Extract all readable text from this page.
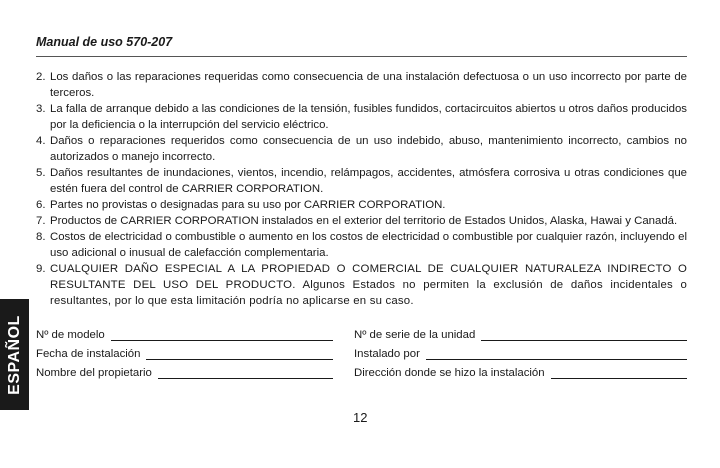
Manual de uso 570-207
2. Los daños o las reparaciones requeridas como consecuencia de una instalación defectuosa o un uso incorrecto por parte de terceros.
3. La falla de arranque debido a las condiciones de la tensión, fusibles fundidos, cortacircuitos abiertos u otros daños producidos por la deficiencia o la interrupción del servicio eléctrico.
4. Daños o reparaciones requeridos como consecuencia de un uso indebido, abuso, mantenimiento incorrecto, cambios no autorizados o manejo incorrecto.
5. Daños resultantes de inundaciones, vientos, incendio, relámpagos, accidentes, atmósfera corrosiva u otras condiciones que estén fuera del control de CARRIER CORPORATION.
6. Partes no provistas o designadas para su uso por CARRIER CORPORATION.
7. Productos de CARRIER CORPORATION instalados en el exterior del territorio de Estados Unidos, Alaska, Hawai y Canadá.
8. Costos de electricidad o combustible o aumento en los costos de electricidad o combustible por cualquier razón, incluyendo el uso adicional o inusual de calefacción complementaria.
9. CUALQUIER DAÑO ESPECIAL A LA PROPIEDAD O COMERCIAL DE CUALQUIER NATURALEZA INDIRECTO O RESULTANTE DEL USO DEL PRODUCTO. Algunos Estados no permiten la exclusión de daños incidentales o resultantes, por lo que esta limitación podría no aplicarse en su caso.
Nº de modelo	Nº de serie de la unidad
Fecha de instalación	Instalado por
Nombre del propietario	Dirección donde se hizo la instalación
12
ESPAÑOL
